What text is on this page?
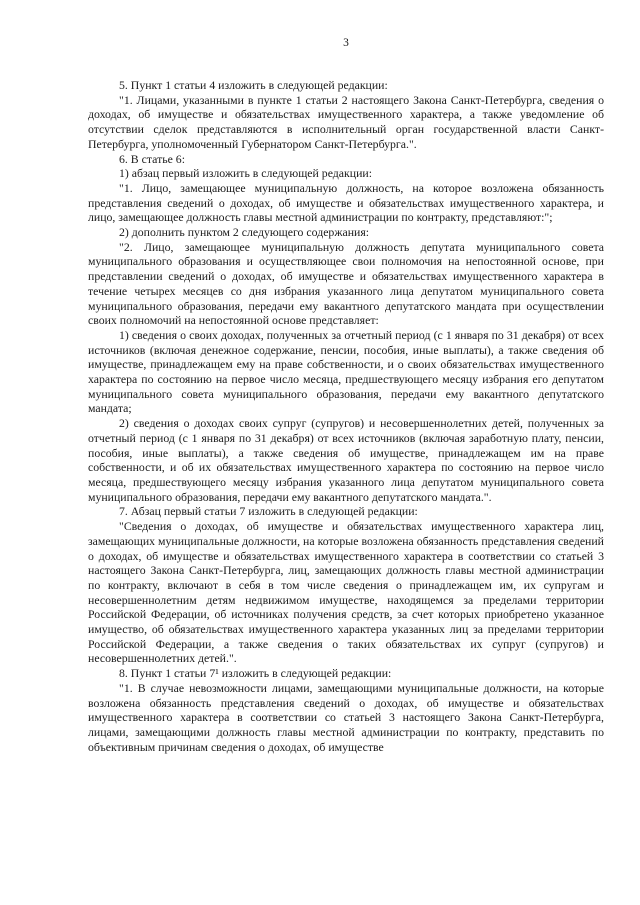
3

5. Пункт 1 статьи 4 изложить в следующей редакции:

"1. Лицами, указанными в пункте 1 статьи 2 настоящего Закона Санкт-Петербурга, сведения о доходах, об имуществе и обязательствах имущественного характера, а также уведомление об отсутствии сделок представляются в исполнительный орган государственной власти Санкт-Петербурга, уполномоченный Губернатором Санкт-Петербурга.".

6. В статье 6:

1) абзац первый изложить в следующей редакции:

"1. Лицо, замещающее муниципальную должность, на которое возложена обязанность представления сведений о доходах, об имуществе и обязательствах имущественного характера, и лицо, замещающее должность главы местной администрации по контракту, представляют:";

2) дополнить пунктом 2 следующего содержания:

"2. Лицо, замещающее муниципальную должность депутата муниципального совета муниципального образования и осуществляющее свои полномочия на непостоянной основе, при представлении сведений о доходах, об имуществе и обязательствах имущественного характера в течение четырех месяцев со дня избрания указанного лица депутатом муниципального совета муниципального образования, передачи ему вакантного депутатского мандата при осуществлении своих полномочий на непостоянной основе представляет:

1) сведения о своих доходах, полученных за отчетный период (с 1 января по 31 декабря) от всех источников (включая денежное содержание, пенсии, пособия, иные выплаты), а также сведения об имуществе, принадлежащем ему на праве собственности, и о своих обязательствах имущественного характера по состоянию на первое число месяца, предшествующего месяцу избрания его депутатом муниципального совета муниципального образования, передачи ему вакантного депутатского мандата;

2) сведения о доходах своих супруг (супругов) и несовершеннолетних детей, полученных за отчетный период (с 1 января по 31 декабря) от всех источников (включая заработную плату, пенсии, пособия, иные выплаты), а также сведения об имуществе, принадлежащем им на праве собственности, и об их обязательствах имущественного характера по состоянию на первое число месяца, предшествующего месяцу избрания указанного лица депутатом муниципального совета муниципального образования, передачи ему вакантного депутатского мандата.".

7. Абзац первый статьи 7 изложить в следующей редакции:

"Сведения о доходах, об имуществе и обязательствах имущественного характера лиц, замещающих муниципальные должности, на которые возложена обязанность представления сведений о доходах, об имуществе и обязательствах имущественного характера в соответствии со статьей 3 настоящего Закона Санкт-Петербурга, лиц, замещающих должность главы местной администрации по контракту, включают в себя в том числе сведения о принадлежащем им, их супругам и несовершеннолетним детям недвижимом имуществе, находящемся за пределами территории Российской Федерации, об источниках получения средств, за счет которых приобретено указанное имущество, об обязательствах имущественного характера указанных лиц за пределами территории Российской Федерации, а также сведения о таких обязательствах их супруг (супругов) и несовершеннолетних детей.".

8. Пункт 1 статьи 7¹ изложить в следующей редакции:

"1. В случае невозможности лицами, замещающими муниципальные должности, на которые возложена обязанность представления сведений о доходах, об имуществе и обязательствах имущественного характера в соответствии со статьей 3 настоящего Закона Санкт-Петербурга, лицами, замещающими должность главы местной администрации по контракту, представить по объективным причинам сведения о доходах, об имуществе
